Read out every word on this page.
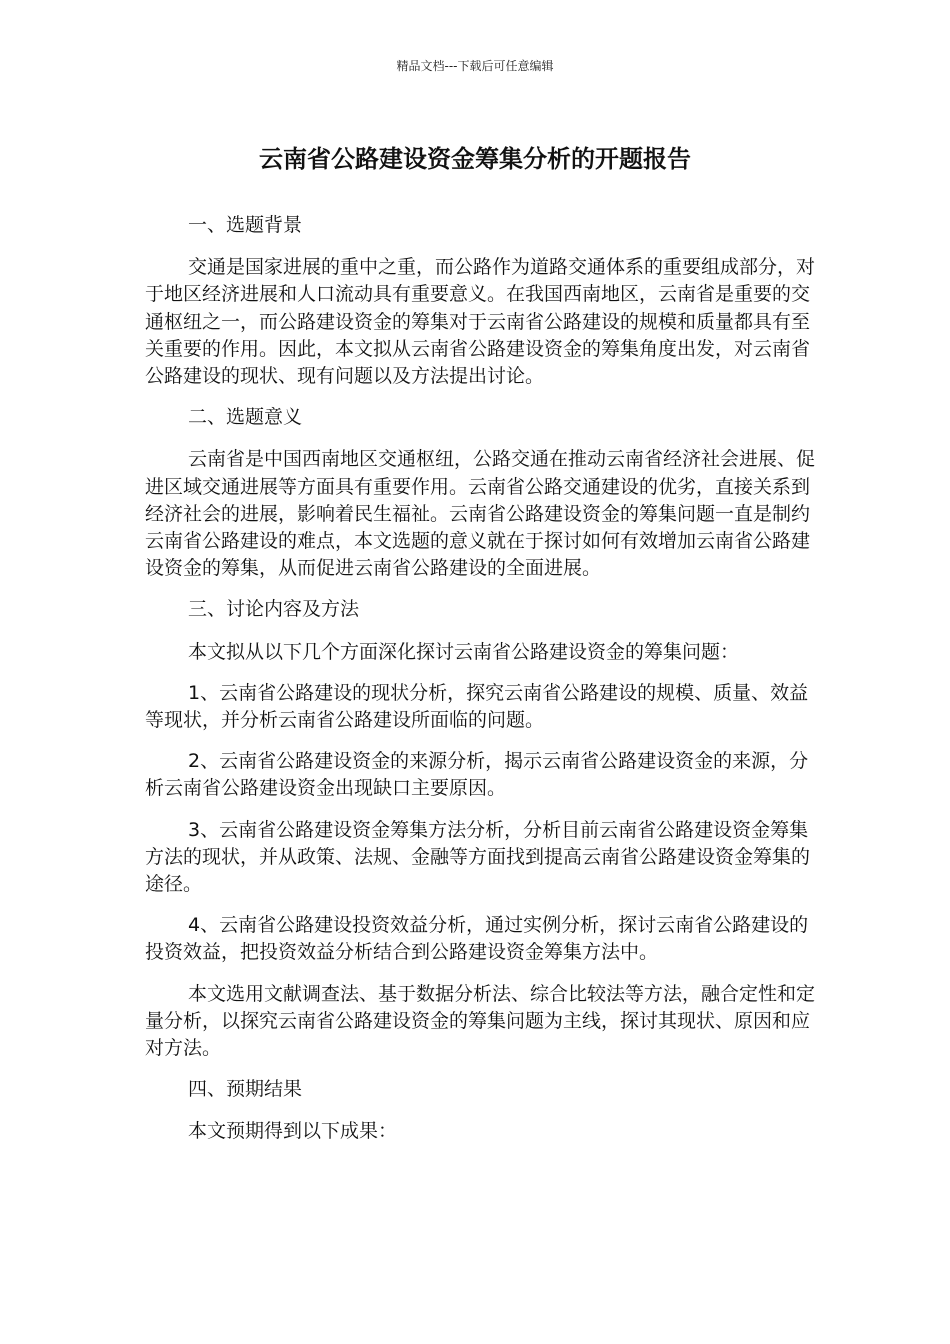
精品文档---下载后可任意编辑
云南省公路建设资金筹集分析的开题报告

一、选题背景

交通是国家进展的重中之重，而公路作为道路交通体系的重要组成部分，对于地区经济进展和人口流动具有重要意义。在我国西南地区，云南省是重要的交通枢纽之一，而公路建设资金的筹集对于云南省公路建设的规模和质量都具有至关重要的作用。因此，本文拟从云南省公路建设资金的筹集角度出发，对云南省公路建设的现状、现有问题以及方法提出讨论。

二、选题意义

云南省是中国西南地区交通枢纽，公路交通在推动云南省经济社会进展、促进区域交通进展等方面具有重要作用。云南省公路交通建设的优劣，直接关系到经济社会的进展，影响着民生福祉。云南省公路建设资金的筹集问题一直是制约云南省公路建设的难点，本文选题的意义就在于探讨如何有效增加云南省公路建设资金的筹集，从而促进云南省公路建设的全面进展。

三、讨论内容及方法

本文拟从以下几个方面深化探讨云南省公路建设资金的筹集问题：

1、云南省公路建设的现状分析，探究云南省公路建设的规模、质量、效益等现状，并分析云南省公路建设所面临的问题。

2、云南省公路建设资金的来源分析，揭示云南省公路建设资金的来源，分析云南省公路建设资金出现缺口主要原因。

3、云南省公路建设资金筹集方法分析，分析目前云南省公路建设资金筹集方法的现状，并从政策、法规、金融等方面找到提高云南省公路建设资金筹集的途径。

4、云南省公路建设投资效益分析，通过实例分析，探讨云南省公路建设的投资效益，把投资效益分析结合到公路建设资金筹集方法中。

本文选用文献调查法、基于数据分析法、综合比较法等方法，融合定性和定量分析，以探究云南省公路建设资金的筹集问题为主线，探讨其现状、原因和应对方法。

四、预期结果

本文预期得到以下成果：
